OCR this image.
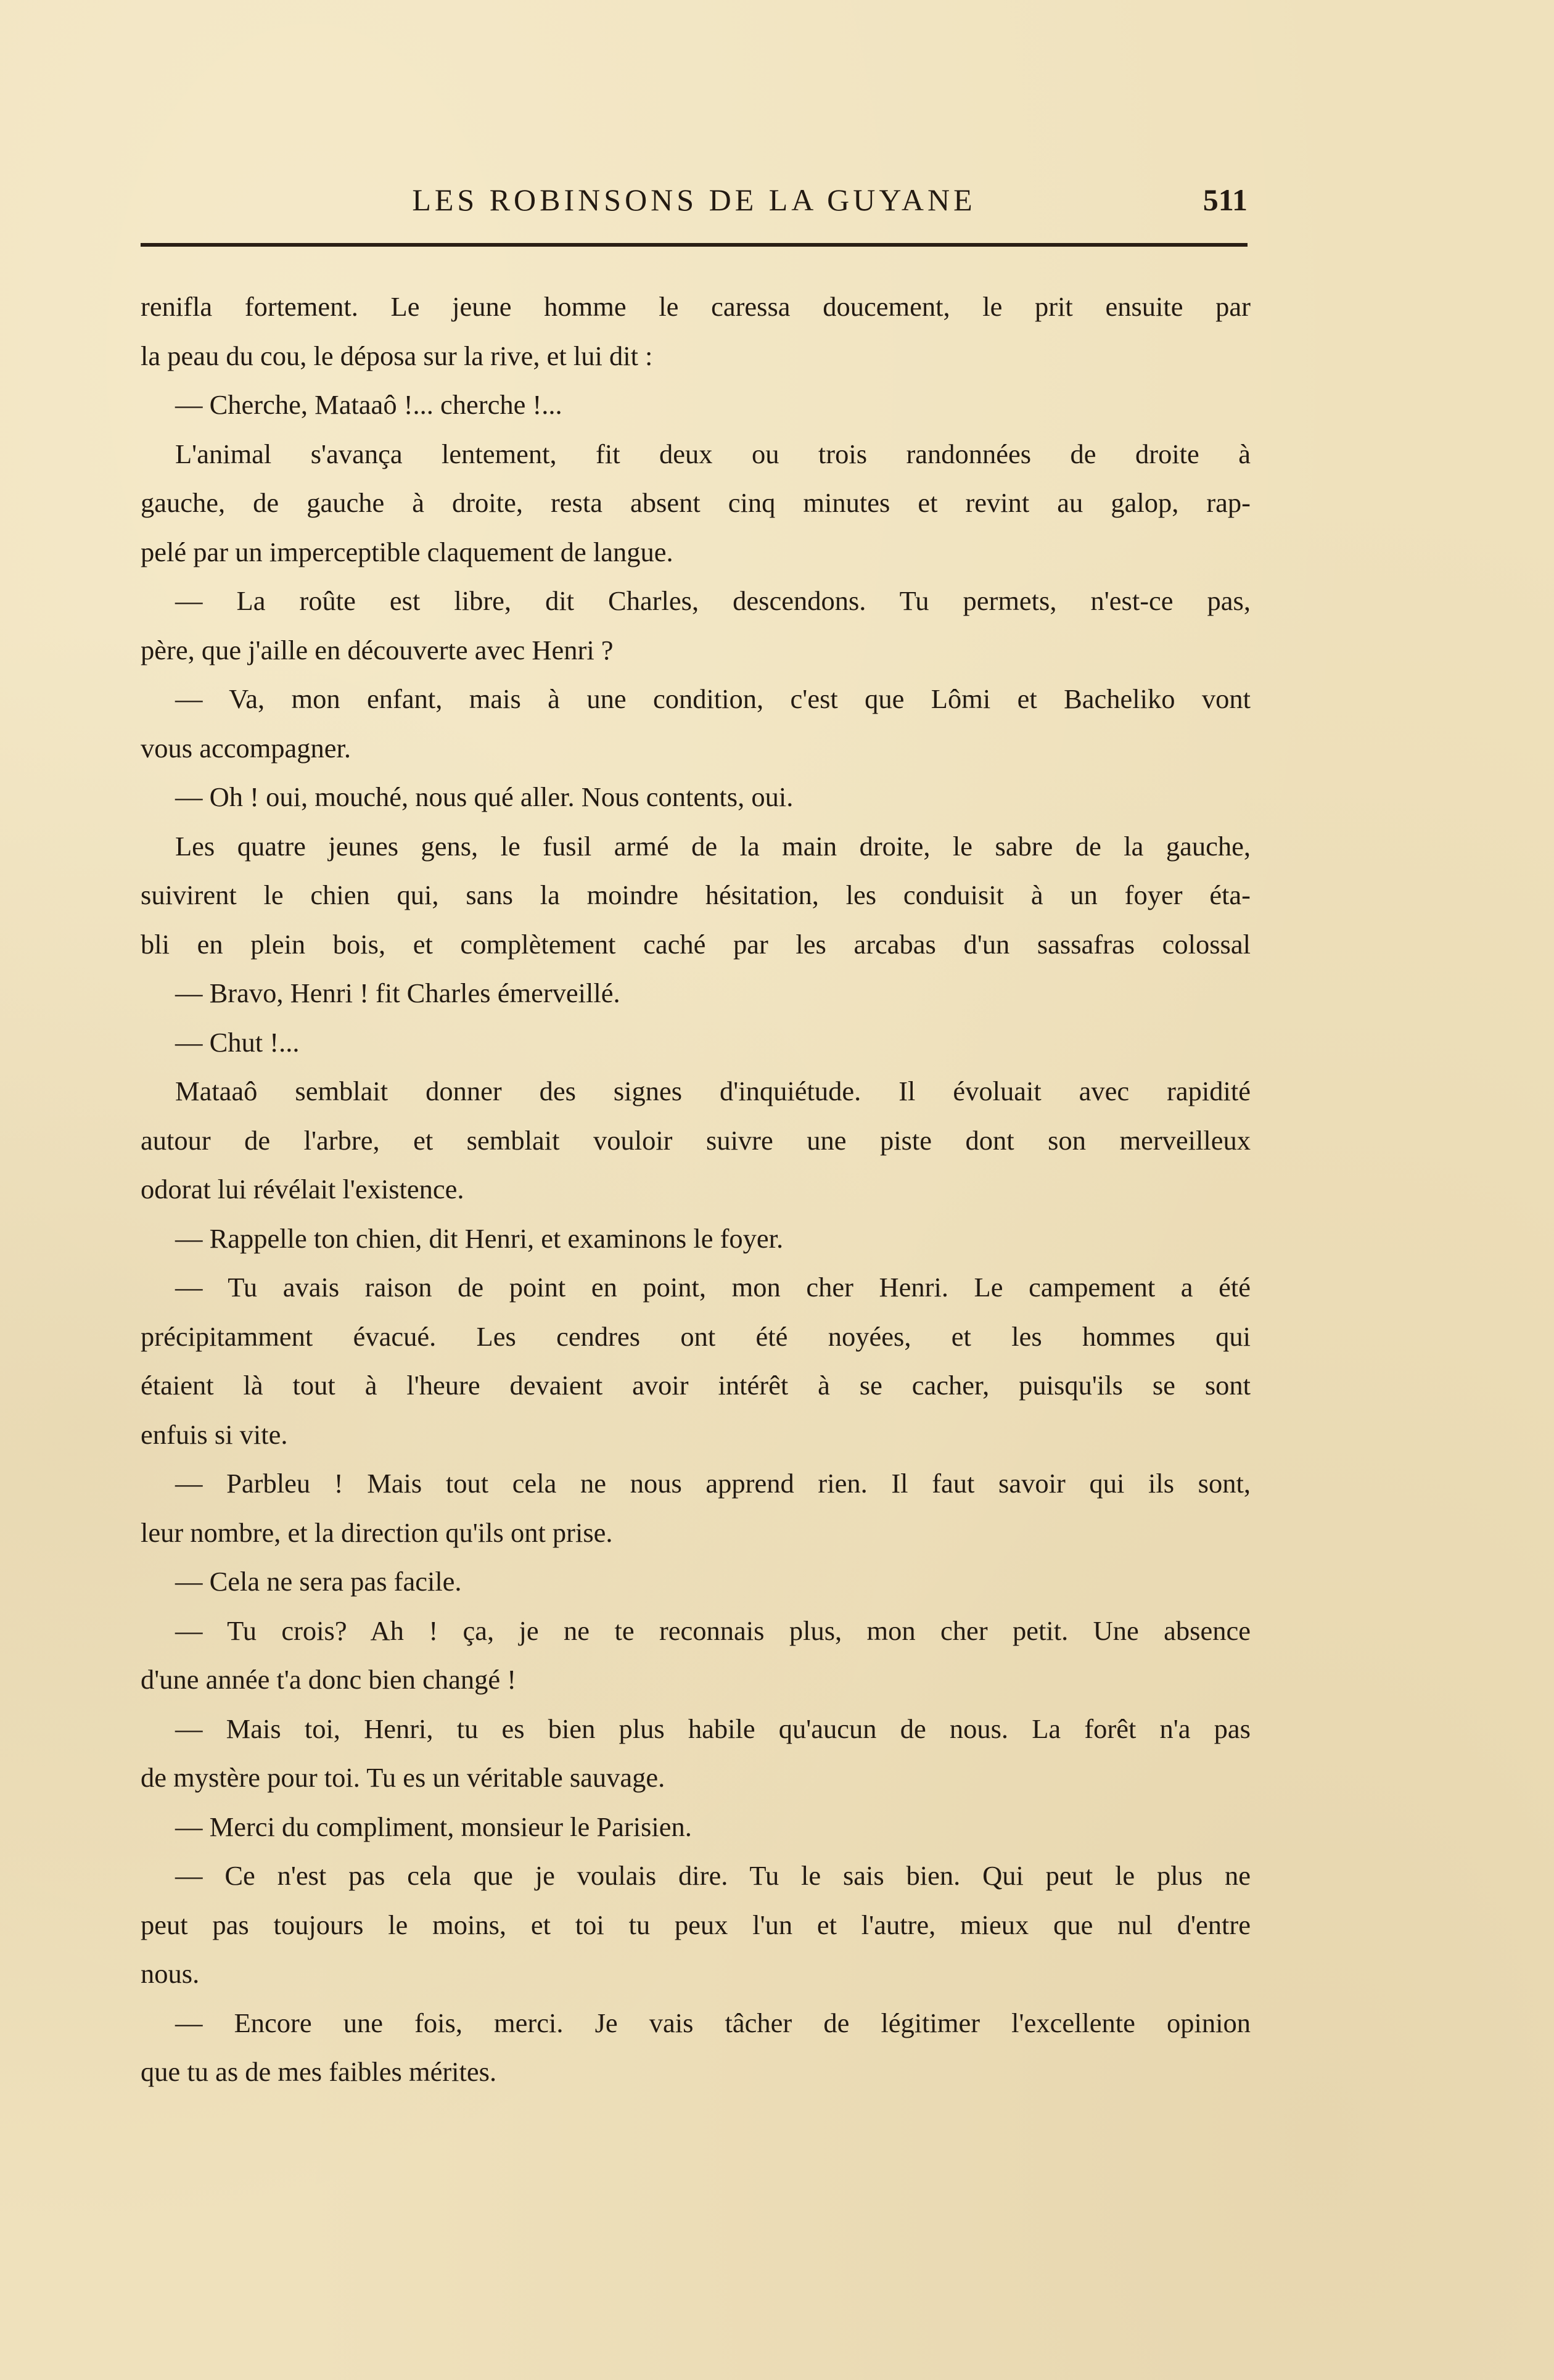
LES ROBINSONS DE LA GUYANE	511
renifla fortement. Le jeune homme le caressa doucement, le prit ensuite par
la peau du cou, le déposa sur la rive, et lui dit :
— Cherche, Mataaô !... cherche !...
L'animal s'avança lentement, fit deux ou trois randonnées de droite à
gauche, de gauche à droite, resta absent cinq minutes et revint au galop, rap-
pelé par un imperceptible claquement de langue.
— La roûte est libre, dit Charles, descendons. Tu permets, n'est-ce pas,
père, que j'aille en découverte avec Henri ?
— Va, mon enfant, mais à une condition, c'est que Lômi et Bacheliko vont
vous accompagner.
— Oh ! oui, mouché, nous qué aller. Nous contents, oui.
Les quatre jeunes gens, le fusil armé de la main droite, le sabre de la gauche,
suivirent le chien qui, sans la moindre hésitation, les conduisit à un foyer éta-
bli en plein bois, et complètement caché par les arcabas d'un sassafras colossal
— Bravo, Henri ! fit Charles émerveillé.
— Chut !...
Mataaô semblait donner des signes d'inquiétude. Il évoluait avec rapidité
autour de l'arbre, et semblait vouloir suivre une piste dont son merveilleux
odorat lui révélait l'existence.
— Rappelle ton chien, dit Henri, et examinons le foyer.
— Tu avais raison de point en point, mon cher Henri. Le campement a été
précipitamment évacué. Les cendres ont été noyées, et les hommes qui
étaient là tout à l'heure devaient avoir intérêt à se cacher, puisqu'ils se sont
enfuis si vite.
— Parbleu ! Mais tout cela ne nous apprend rien. Il faut savoir qui ils sont,
leur nombre, et la direction qu'ils ont prise.
— Cela ne sera pas facile.
— Tu crois? Ah ! ça, je ne te reconnais plus, mon cher petit. Une absence
d'une année t'a donc bien changé !
— Mais toi, Henri, tu es bien plus habile qu'aucun de nous. La forêt n'a pas
de mystère pour toi. Tu es un véritable sauvage.
— Merci du compliment, monsieur le Parisien.
— Ce n'est pas cela que je voulais dire. Tu le sais bien. Qui peut le plus ne
peut pas toujours le moins, et toi tu peux l'un et l'autre, mieux que nul d'entre
nous.
— Encore une fois, merci. Je vais tâcher de légitimer l'excellente opinion
que tu as de mes faibles mérites.
